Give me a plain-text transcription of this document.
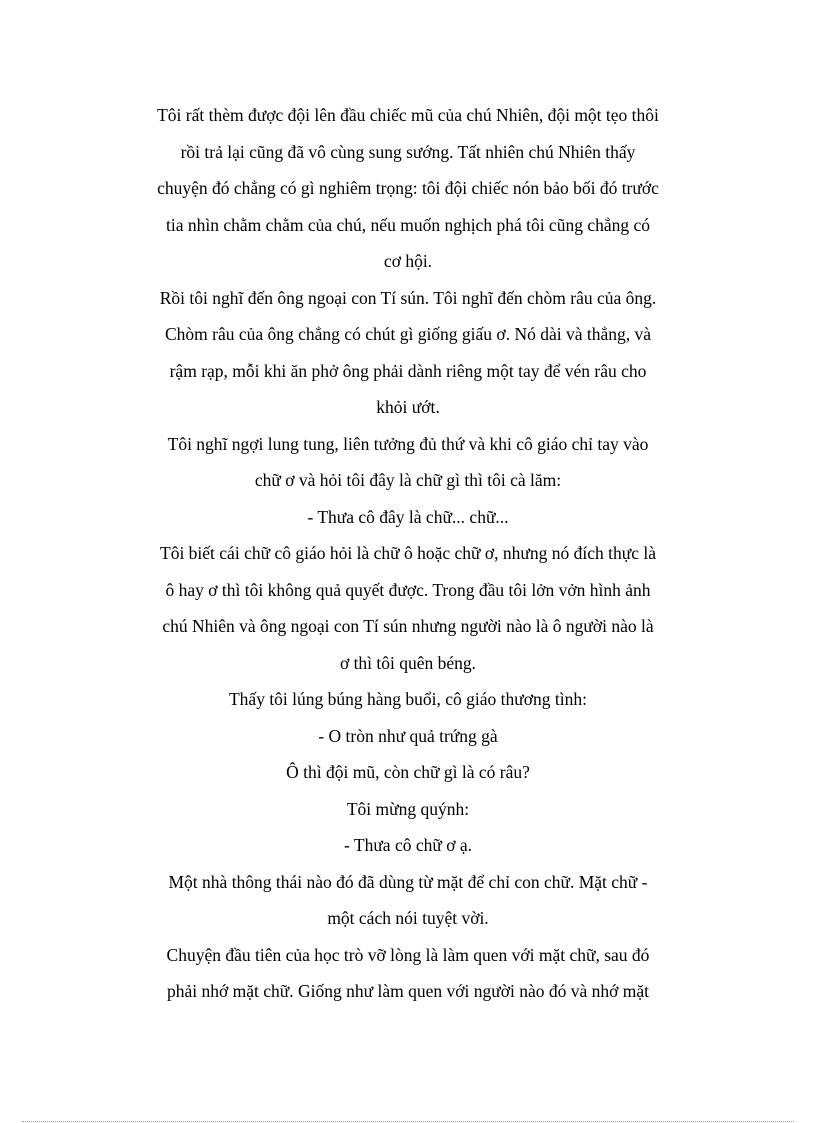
Tôi rất thèm được đội lên đầu chiếc mũ của chú Nhiên, đội một tẹo thôi
rồi trả lại cũng đã vô cùng sung sướng. Tất nhiên chú Nhiên thấy
chuyện đó chẳng có gì nghiêm trọng: tôi đội chiếc nón bảo bối đó trước
tia nhìn chằm chằm của chú, nếu muốn nghịch phá tôi cũng chẳng có
cơ hội.
Rồi tôi nghĩ đến ông ngoại con Tí sún. Tôi nghĩ đến chòm râu của ông.
Chòm râu của ông chẳng có chút gì giống giấu ơ. Nó dài và thẳng, và
rậm rạp, mỗi khi ăn phở ông phải dành riêng một tay để vén râu cho
khỏi ướt.
Tôi nghĩ ngợi lung tung, liên tưởng đủ thứ và khi cô giáo chỉ tay vào
chữ ơ và hỏi tôi đây là chữ gì thì tôi cà lăm:
- Thưa cô đây là chữ... chữ...
Tôi biết cái chữ cô giáo hỏi là chữ ô hoặc chữ ơ, nhưng nó đích thực là
ô hay ơ thì tôi không quả quyết được. Trong đầu tôi lởn vởn hình ảnh
chú Nhiên và ông ngoại con Tí sún nhưng người nào là ô người nào là
ơ thì tôi quên béng.
Thấy tôi lúng búng hàng buổi, cô giáo thương tình:
- O tròn như quả trứng gà
Ô thì đội mũ, còn chữ gì là có râu?
Tôi mừng quýnh:
- Thưa cô chữ ơ ạ.
Một nhà thông thái nào đó đã dùng từ mặt để chỉ con chữ. Mặt chữ -
một cách nói tuyệt vời.
Chuyện đầu tiên của học trò vỡ lòng là làm quen với mặt chữ, sau đó
phải nhớ mặt chữ. Giống như làm quen với người nào đó và nhớ mặt
